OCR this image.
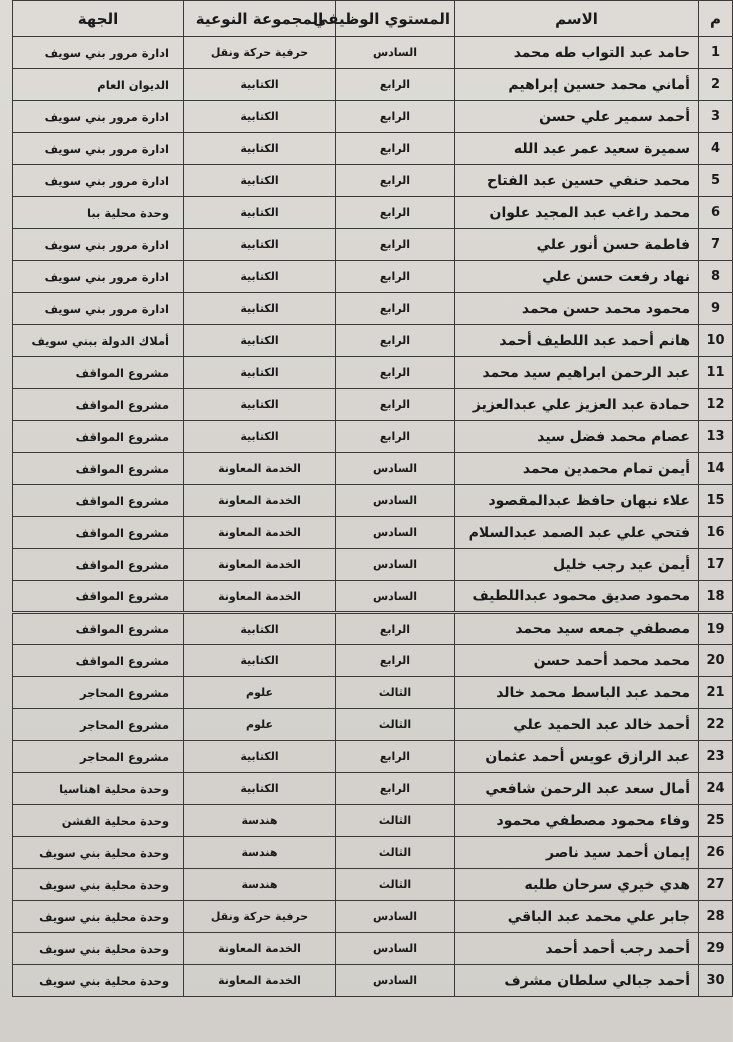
م	الاسم	المستوي الوظيفي	المجموعة النوعية	الجهة
1	حامد عبد التواب طه محمد	السادس	حرفية حركة ونقل	ادارة مرور بني سويف
2	أماني محمد حسين إبراهيم	الرابع	الكتابية	الديوان العام
3	أحمد سمير علي حسن	الرابع	الكتابية	ادارة مرور بني سويف
4	سميرة سعيد عمر عبد الله	الرابع	الكتابية	ادارة مرور بني سويف
5	محمد حنفي حسين عبد الفتاح	الرابع	الكتابية	ادارة مرور بني سويف
6	محمد راغب عبد المجيد علوان	الرابع	الكتابية	وحدة محلية ببا
7	فاطمة حسن أنور علي	الرابع	الكتابية	ادارة مرور بني سويف
8	نهاد رفعت حسن علي	الرابع	الكتابية	ادارة مرور بني سويف
9	محمود محمد حسن محمد	الرابع	الكتابية	ادارة مرور بني سويف
10	هانم أحمد عبد اللطيف أحمد	الرابع	الكتابية	أملاك الدولة ببني سويف
11	عبد الرحمن ابراهيم سيد محمد	الرابع	الكتابية	مشروع المواقف
12	حمادة عبد العزيز علي عبدالعزيز	الرابع	الكتابية	مشروع المواقف
13	عصام محمد فضل سيد	الرابع	الكتابية	مشروع المواقف
14	أيمن تمام محمدين محمد	السادس	الخدمة المعاونة	مشروع المواقف
15	علاء نبهان حافظ عبدالمقصود	السادس	الخدمة المعاونة	مشروع المواقف
16	فتحي علي عبد الصمد عبدالسلام	السادس	الخدمة المعاونة	مشروع المواقف
17	أيمن عيد رجب خليل	السادس	الخدمة المعاونة	مشروع المواقف
18	محمود صديق محمود عبداللطيف	السادس	الخدمة المعاونة	مشروع المواقف
19	مصطفي جمعه سيد محمد	الرابع	الكتابية	مشروع المواقف
20	محمد محمد أحمد حسن	الرابع	الكتابية	مشروع المواقف
21	محمد عبد الباسط محمد خالد	الثالث	علوم	مشروع المحاجر
22	أحمد خالد عبد الحميد علي	الثالث	علوم	مشروع المحاجر
23	عبد الرازق عويس أحمد عثمان	الرابع	الكتابية	مشروع المحاجر
24	أمال سعد عبد الرحمن شافعي	الرابع	الكتابية	وحدة محلية اهناسيا
25	وفاء محمود مصطفي محمود	الثالث	هندسة	وحدة محلية الفشن
26	إيمان أحمد سيد ناصر	الثالث	هندسة	وحدة محلية بني سويف
27	هدي خيري سرحان طلبه	الثالث	هندسة	وحدة محلية بني سويف
28	جابر علي محمد عبد الباقي	السادس	حرفية حركة ونقل	وحدة محلية بني سويف
29	أحمد رجب أحمد أحمد	السادس	الخدمة المعاونة	وحدة محلية بني سويف
30	أحمد جبالي سلطان مشرف	السادس	الخدمة المعاونة	وحدة محلية بني سويف
